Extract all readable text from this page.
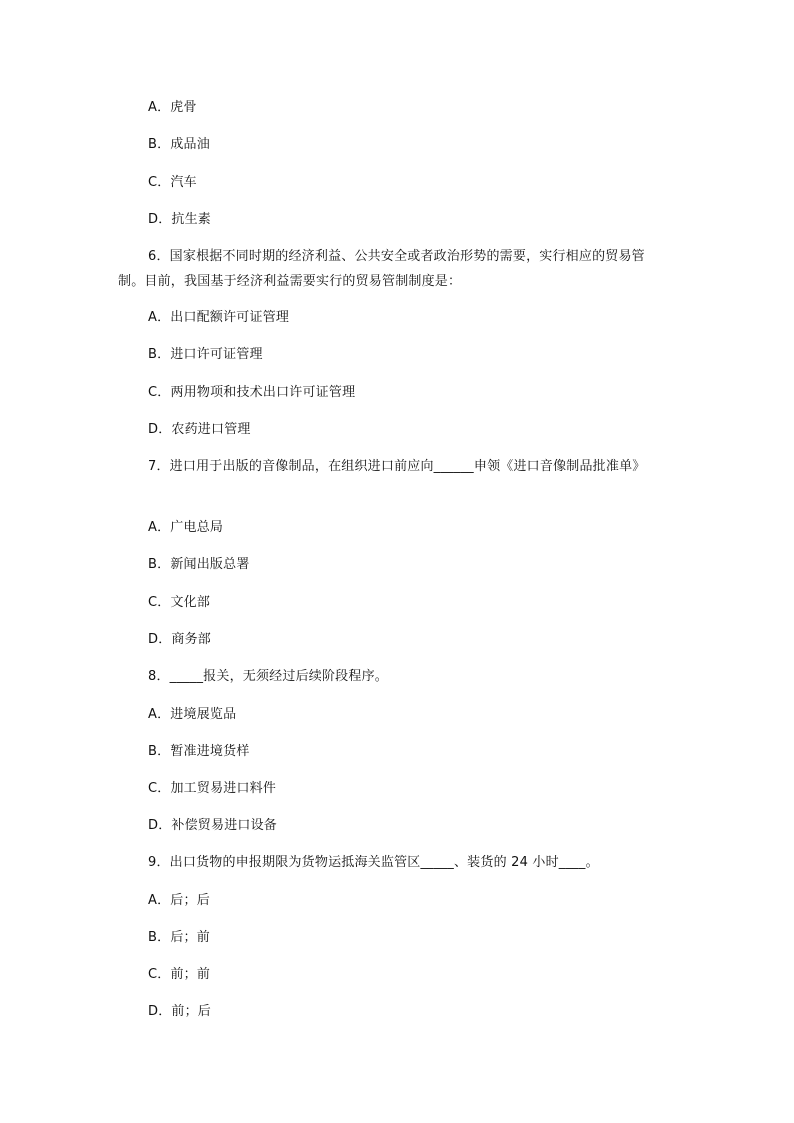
A．虎骨
B．成品油
C．汽车
D．抗生素
6．国家根据不同时期的经济利益、公共安全或者政治形势的需要，实行相应的贸易管
制。目前，我国基于经济利益需要实行的贸易管制制度是：
A．出口配额许可证管理
B．进口许可证管理
C．两用物项和技术出口许可证管理
D．农药进口管理
7．进口用于出版的音像制品，在组织进口前应向______申领《进口音像制品批准单》
A．广电总局
B．新闻出版总署
C．文化部
D．商务部
8．_____报关，无须经过后续阶段程序。
A．进境展览品
B．暂准进境货样
C．加工贸易进口料件
D．补偿贸易进口设备
9．出口货物的申报期限为货物运抵海关监管区_____、装货的 24 小时____。
A．后；后
B．后；前
C．前；前
D．前；后
